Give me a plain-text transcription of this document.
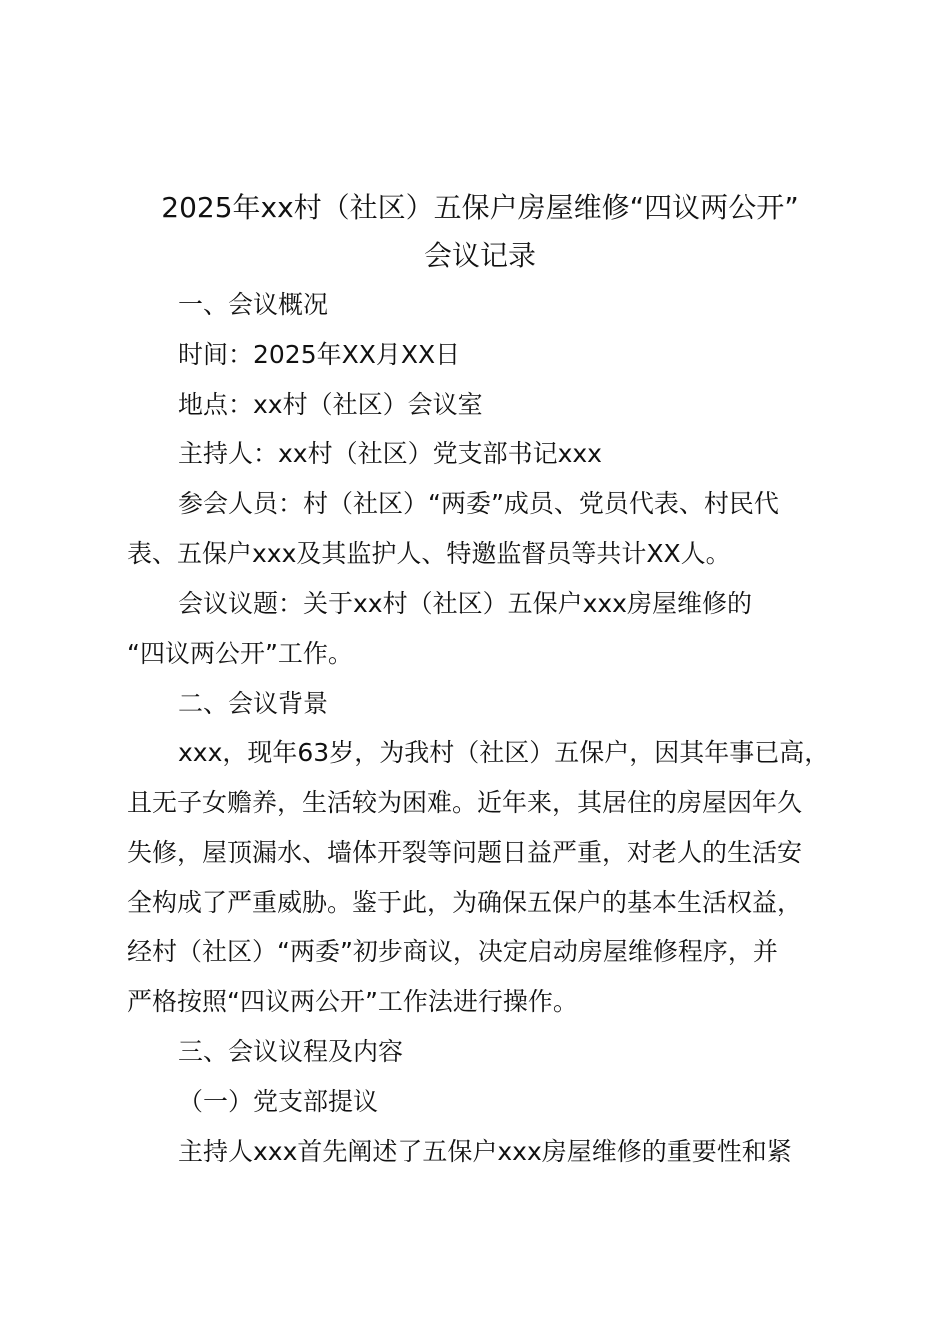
2025年xx村（社区）五保户房屋维修“四议两公开”
会议记录

一、会议概况

时间：2025年XX月XX日

地点：xx村（社区）会议室

主持人：xx村（社区）党支部书记xxx

参会人员：村（社区）“两委”成员、党员代表、村民代

表、五保户xxx及其监护人、特邀监督员等共计XX人。

会议议题：关于xx村（社区）五保户xxx房屋维修的

“四议两公开”工作。

二、会议背景

xxx，现年63岁，为我村（社区）五保户，因其年事已高，

且无子女赡养，生活较为困难。近年来，其居住的房屋因年久

失修，屋顶漏水、墙体开裂等问题日益严重，对老人的生活安

全构成了严重威胁。鉴于此，为确保五保户的基本生活权益，

经村（社区）“两委”初步商议，决定启动房屋维修程序，并

严格按照“四议两公开”工作法进行操作。

三、会议议程及内容

（一）党支部提议

主持人xxx首先阐述了五保户xxx房屋维修的重要性和紧
